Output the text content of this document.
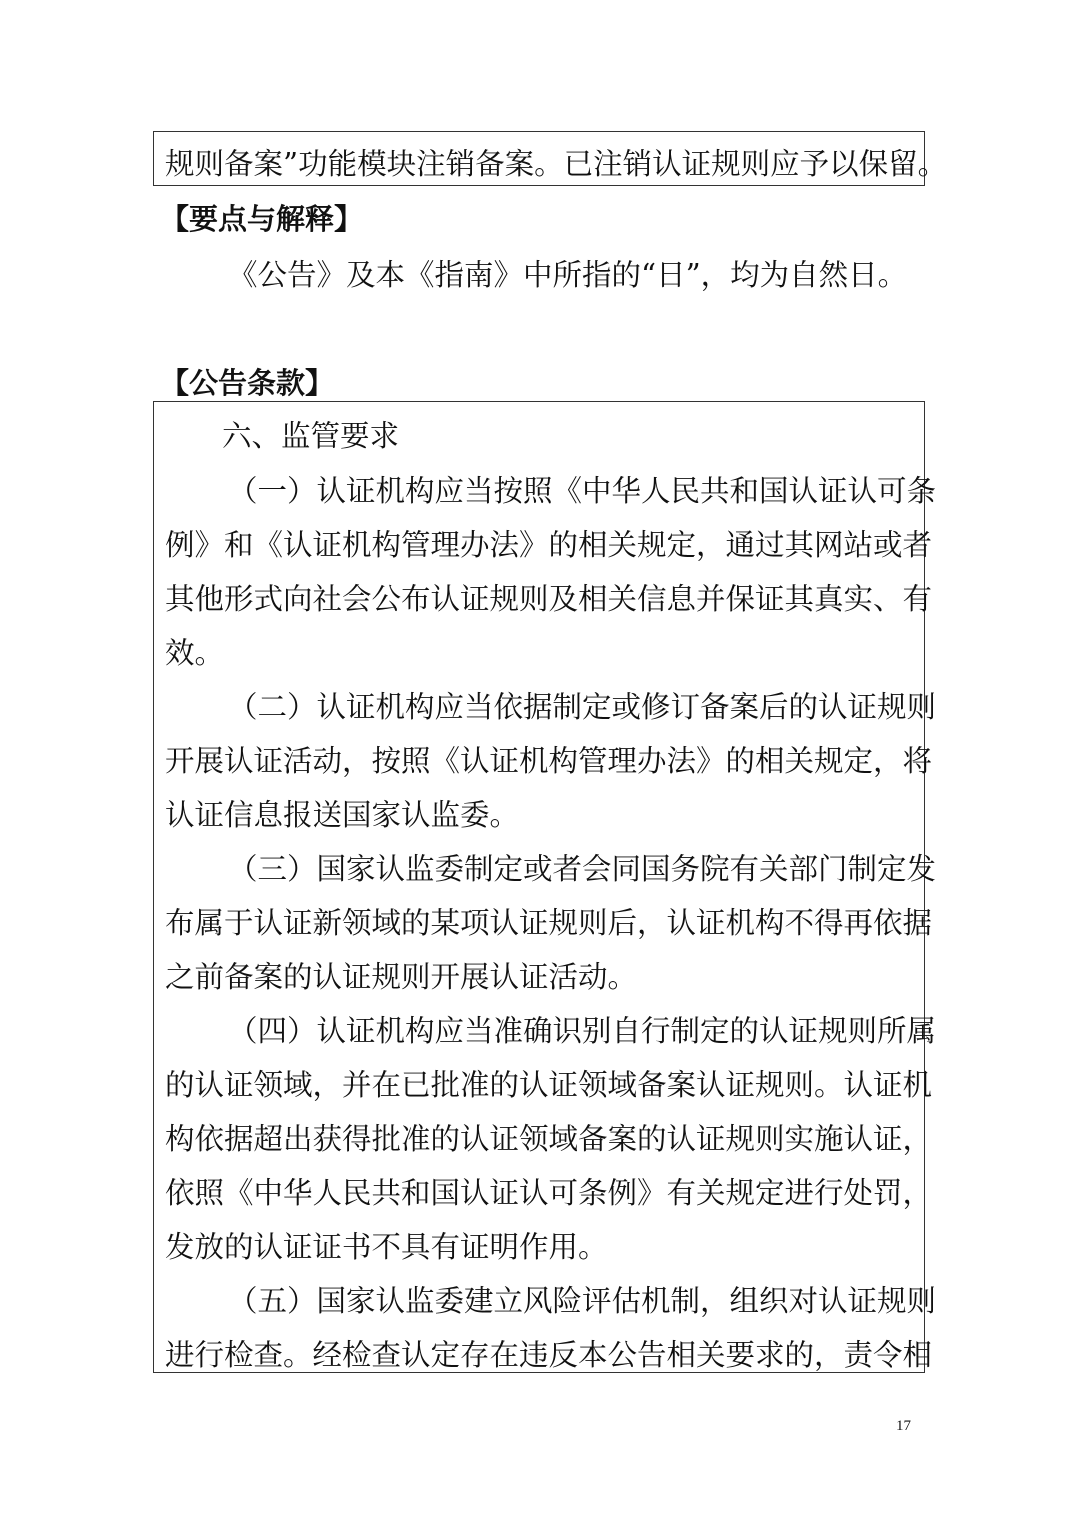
规则备案”功能模块注销备案。已注销认证规则应予以保留。
【要点与解释】
《公告》及本《指南》中所指的“日”，均为自然日。
【公告条款】
六、监管要求
（一）认证机构应当按照《中华人民共和国认证认可条
例》和《认证机构管理办法》的相关规定，通过其网站或者
其他形式向社会公布认证规则及相关信息并保证其真实、有
效。
（二）认证机构应当依据制定或修订备案后的认证规则
开展认证活动，按照《认证机构管理办法》的相关规定，将
认证信息报送国家认监委。
（三）国家认监委制定或者会同国务院有关部门制定发
布属于认证新领域的某项认证规则后，认证机构不得再依据
之前备案的认证规则开展认证活动。
（四）认证机构应当准确识别自行制定的认证规则所属
的认证领域，并在已批准的认证领域备案认证规则。认证机
构依据超出获得批准的认证领域备案的认证规则实施认证，
依照《中华人民共和国认证认可条例》有关规定进行处罚，
发放的认证证书不具有证明作用。
（五）国家认监委建立风险评估机制，组织对认证规则
进行检查。经检查认定存在违反本公告相关要求的，责令相
17
